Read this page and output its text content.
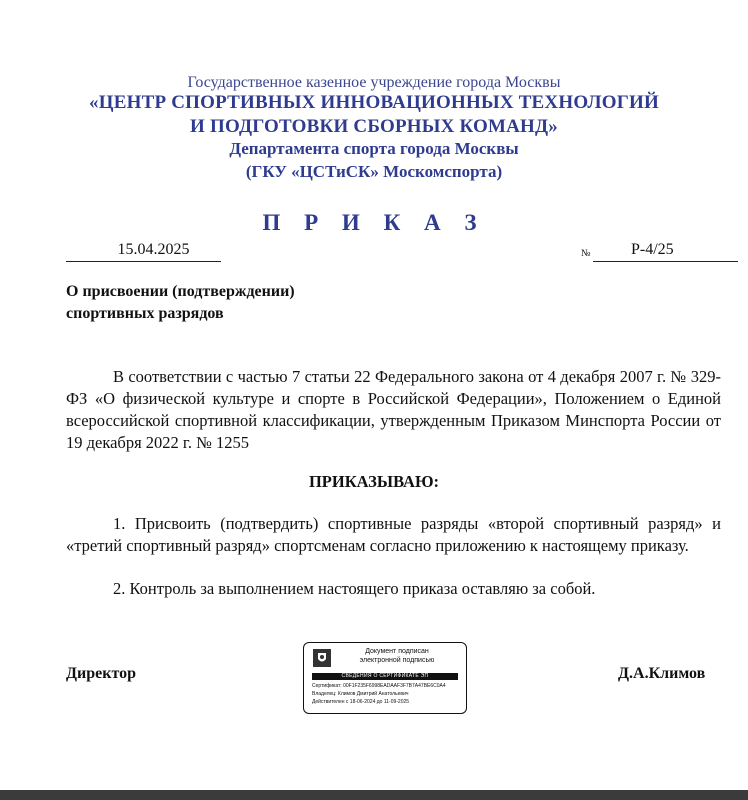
Государственное казенное учреждение города Москвы
«ЦЕНТР СПОРТИВНЫХ ИННОВАЦИОННЫХ ТЕХНОЛОГИЙ
И ПОДГОТОВКИ СБОРНЫХ КОМАНД»
Департамента спорта города Москвы
(ГКУ «ЦСТиСК» Москомспорта)
П Р И К А З
15.04.2025	№	Р-4/25
О присвоении (подтверждении)
спортивных разрядов
В соответствии с частью 7 статьи 22 Федерального закона от 4 декабря 2007 г. № 329-ФЗ «О физической культуре и спорте в Российской Федерации», Положением о Единой всероссийской спортивной классификации, утвержденным Приказом Минспорта России от 19 декабря 2022 г. № 1255
ПРИКАЗЫВАЮ:
1. Присвоить (подтвердить) спортивные разряды «второй спортивный разряд» и «третий спортивный разряд» спортсменам согласно приложению к настоящему приказу.
2. Контроль за выполнением настоящего приказа оставляю за собой.
Директор
Документ подписан
электронной подписью
СВЕДЕНИЯ О СЕРТИФИКАТЕ ЭП
Сертификат: 00F1F235F6998EADAAF3F7B7A47BE6C0A4
Владелец: Климов Дмитрий Анатольевич
Действителен с 18-06-2024 до 11-09-2025
Д.А.Климов
